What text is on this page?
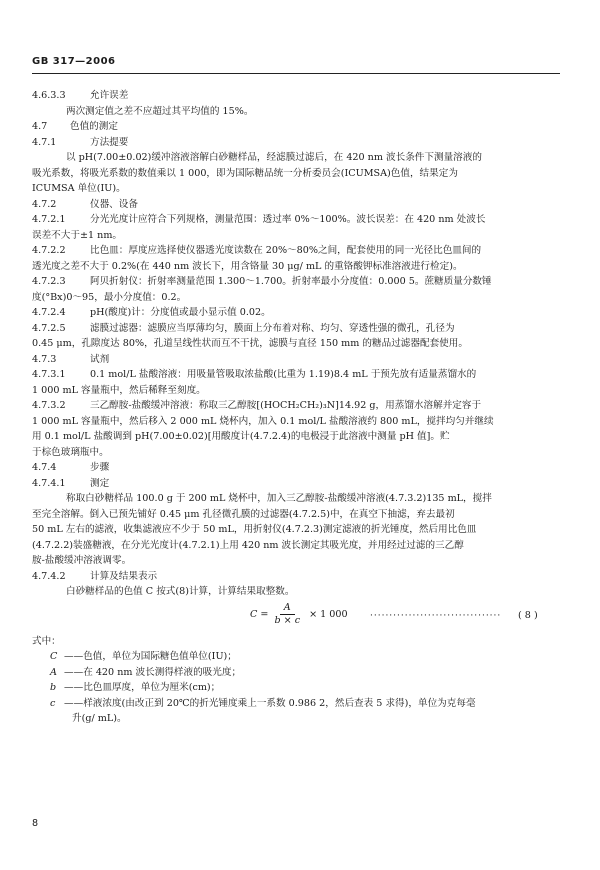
GB 317—2006

4.6.3.3	允许误差

两次测定值之差不应超过其平均值的 15%。

4.7 色值的测定

4.7.1	方法提要

以 pH(7.00±0.02)缓冲溶液溶解白砂糖样品，经滤膜过滤后，在 420 nm 波长条件下测量溶液的

吸光系数，将吸光系数的数值乘以 1 000，即为国际糖品统一分析委员会(ICUMSA)色值，结果定为

ICUMSA 单位(IU)。

4.7.2	仪器、设备

4.7.2.1	分光光度计应符合下列规格，测量范围：透过率 0%～100%。波长误差：在 420 nm 处波长

误差不大于±1 nm。

4.7.2.2	比色皿：厚度应选择使仪器透光度读数在 20%～80%之间，配套使用的同一光径比色皿间的

透光度之差不大于 0.2%(在 440 nm 波长下，用含铬量 30 μg/ mL 的重铬酸钾标准溶液进行检定)。

4.7.2.3	阿贝折射仪：折射率测量范围 1.300～1.700。折射率最小分度值：0.000 5。蔗糖质量分数锤

度(°Bx)0～95，最小分度值：0.2。

4.7.2.4	pH(酸度)计：分度值或最小显示值 0.02。

4.7.2.5	滤膜过滤器：滤膜应当厚薄均匀，膜面上分布着对称、均匀、穿透性强的微孔，孔径为

0.45 μm，孔隙度达 80%，孔道呈线性状而互不干扰，滤膜与直径 150 mm 的糖品过滤器配套使用。

4.7.3	试剂

4.7.3.1	0.1 mol/L 盐酸溶液：用吸量管吸取浓盐酸(比重为 1.19)8.4 mL 于预先放有适量蒸馏水的

1 000 mL 容量瓶中，然后稀释至刻度。

4.7.3.2	三乙醇胺-盐酸缓冲溶液：称取三乙醇胺[(HOCH₂CH₂)₃N]14.92 g，用蒸馏水溶解并定容于

1 000 mL 容量瓶中，然后移入 2 000 mL 烧杯内，加入 0.1 mol/L 盐酸溶液约 800 mL，搅拌均匀并继续

用 0.1 mol/L 盐酸调到 pH(7.00±0.02)[用酸度计(4.7.2.4)的电极浸于此溶液中测量 pH 值]。贮

于棕色玻璃瓶中。

4.7.4	步骤

4.7.4.1	测定

称取白砂糖样品 100.0 g 于 200 mL 烧杯中，加入三乙醇胺-盐酸缓冲溶液(4.7.3.2)135 mL，搅拌

至完全溶解。倒入已预先铺好 0.45 μm 孔径微孔膜的过滤器(4.7.2.5)中，在真空下抽滤，弃去最初

50 mL 左右的滤液，收集滤液应不少于 50 mL，用折射仪(4.7.2.3)测定滤液的折光锤度，然后用比色皿

(4.7.2.2)装盛糖液，在分光光度计(4.7.2.1)上用 420 nm 波长测定其吸光度，并用经过过滤的三乙醇

胺-盐酸缓冲溶液调零。

4.7.4.2	计算及结果表示

白砂糖样品的色值 C 按式(8)计算，计算结果取整数。

$C = \frac{A}{b \times c} \times 1$ 000 ·································· ( 8 )

式中：

C ——色值，单位为国际糖色值单位(IU)；

A ——在 420 nm 波长测得样液的吸光度；

b ——比色皿厚度，单位为厘米(cm)；

c ——样液浓度(由改正到 20℃的折光锤度乘上一系数 0.986 2，然后查表 5 求得)，单位为克每毫

升(g/ mL)。

8
